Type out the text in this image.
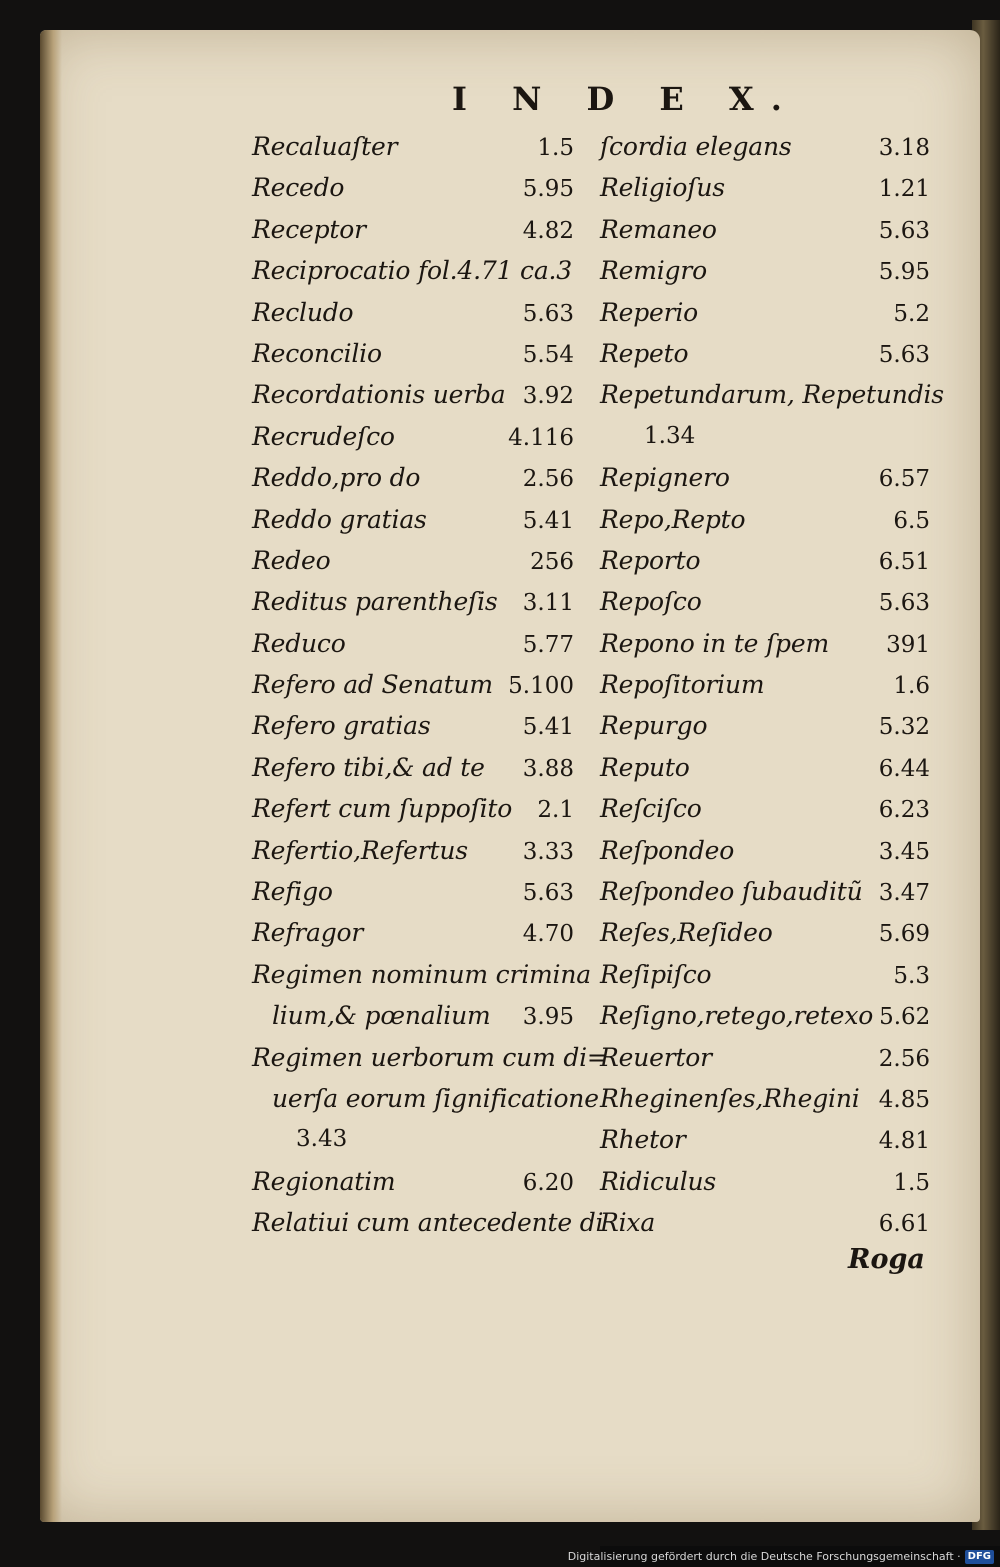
I N D E X.
Recaluaſter	1.5
Recedo	5.95
Receptor	4.82
Reciprocatio fol.4.71 ca.3
Recludo	5.63
Reconcilio	5.54
Recordationis uerba 3.92
Recrudeſco	4.116
Reddo,pro do	2.56
Reddo gratias	5.41
Redeo	256
Reditus parentheſis 3.11
Reduco	5.77
Refero ad Senatum 5.100
Refero gratias	5.41
Refero tibi,& ad te 3.88
Refert cum ſuppoſito 2.1
Refertio,Refertus 3.33
Refigo	5.63
Refragor	4.70
Regimen nominum crimina
lium,& pœnalium 3.95
Regimen uerborum cum di=
uerſa eorum ſignificatione
3.43
Regionatim	6.20
Relatiui cum antecedente di
ſcordia elegans	3.18
Religioſus	1.21
Remaneo	5.63
Remigro	5.95
Reperio	5.2
Repeto	5.63
Repetundarum, Repetundis
1.34
Repignero	6.57
Repo,Repto	6.5
Reporto	6.51
Repoſco	5.63
Repono in te ſpem 391
Repoſitorium	1.6
Repurgo	5.32
Reputo	6.44
Reſciſco	6.23
Reſpondeo	3.45
Reſpondeo ſubauditũ 3.47
Reſes,Reſideo	5.69
Reſipiſco	5.3
Reſigno,retego,retexo 5.62
Reuertor	2.56
Rheginenſes,Rhegini 4.85
Rhetor	4.81
Ridiculus	1.5
Rixa	6.61
Roga
Digitalisierung gefördert durch die Deutsche Forschungsgemeinschaft · DFG
